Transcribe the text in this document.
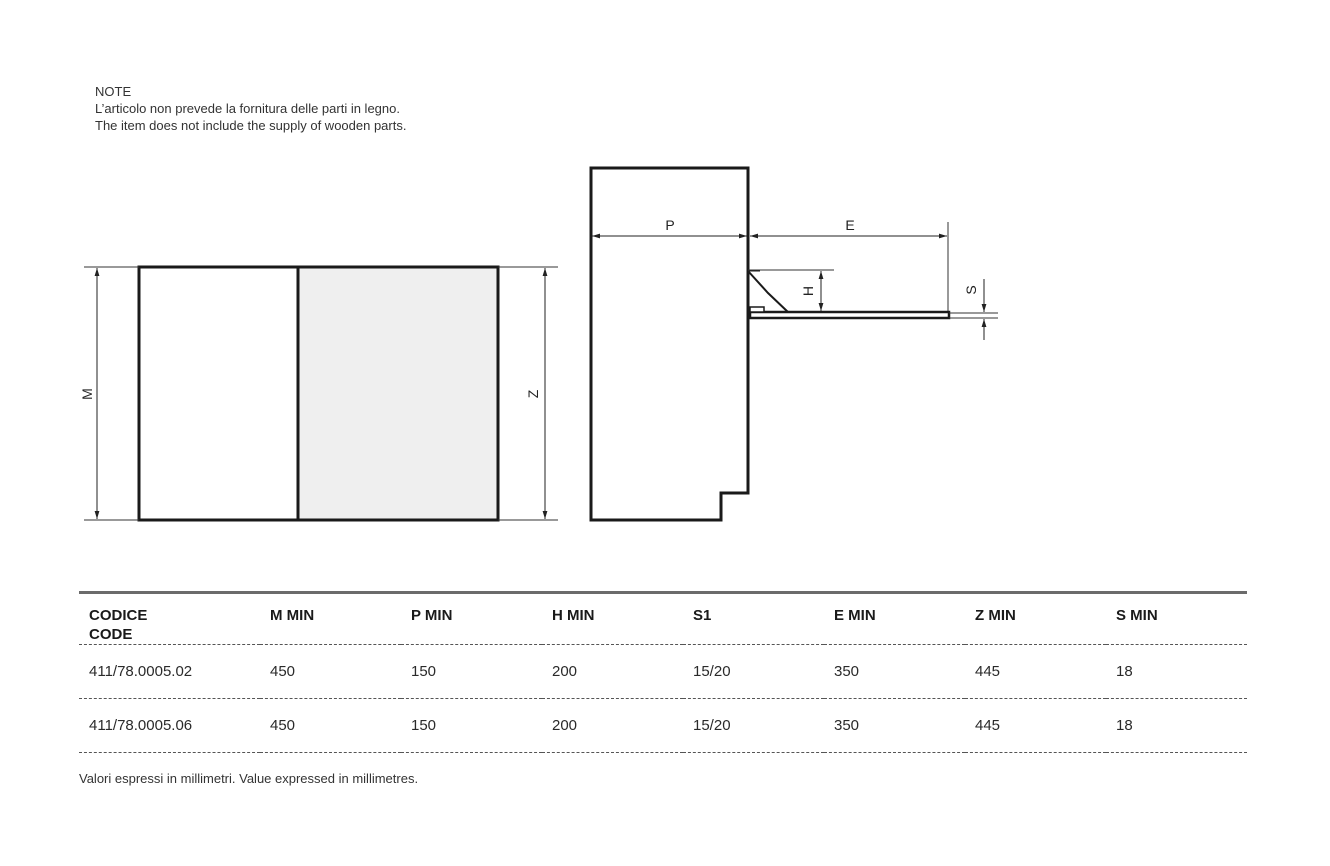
NOTE
L’articolo non prevede la fornitura delle parti in legno.
The item does not include the supply of wooden parts.
M	Z
P	E
H	S
CODICE
CODE	M MIN	P MIN	H MIN	S1	E MIN	Z MIN	S MIN
411/78.0005.02	450	150	200	15/20	350	445	18
411/78.0005.06	450	150	200	15/20	350	445	18
Valori espressi in millimetri. Value expressed in millimetres.
